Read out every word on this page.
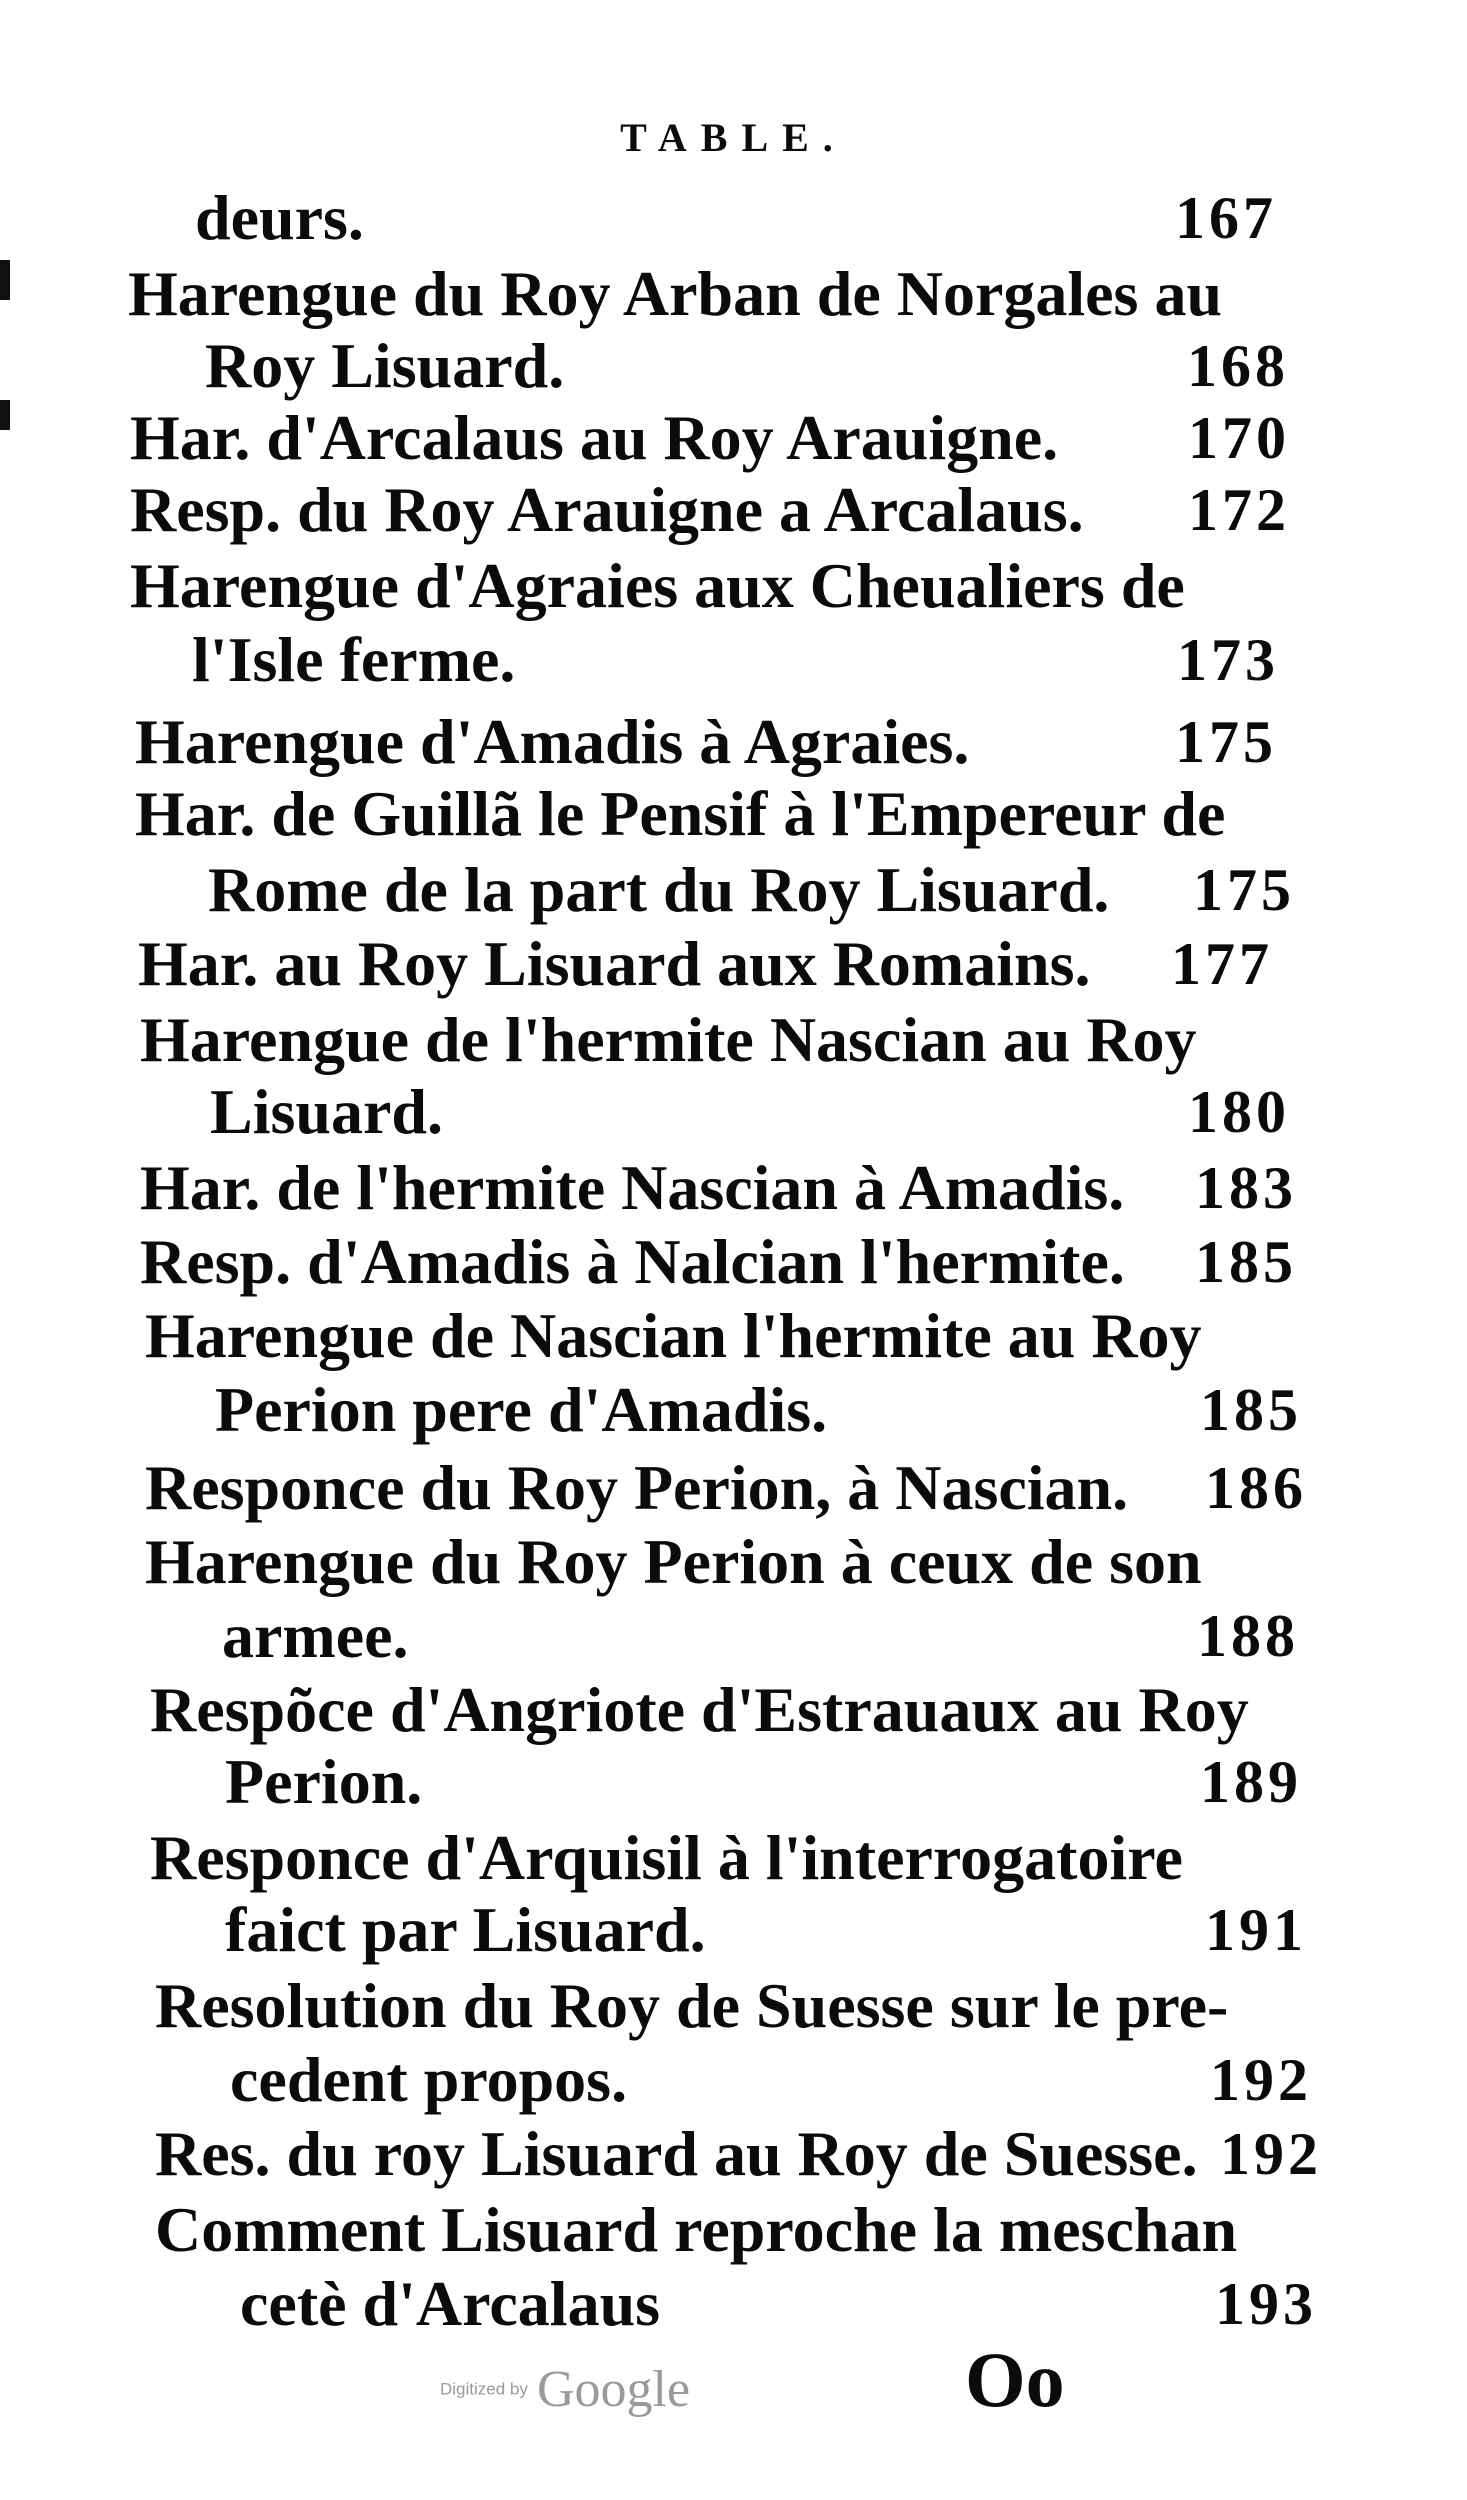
TABLE.
deurs.	167
Harengue du Roy Arban de Norgales au
Roy Lisuard.	168
Har. d'Arcalaus au Roy Arauigne. 170
Resp. du Roy Arauigne a Arcalaus. 172
Harengue d'Agraies aux Cheualiers de
l'Isle ferme.	173
Harengue d'Amadis à Agraies.	175
Har. de Guillã le Pensif à l'Empereur de
Rome de la part du Roy Lisuard. 175
Har. au Roy Lisuard aux Romains. 177
Harengue de l'hermite Nascian au Roy
Lisuard.	180
Har. de l'hermite Nascian à Amadis. 183
Resp. d'Amadis à Nalcian l'hermite. 185
Harengue de Nascian l'hermite au Roy
Perion pere d'Amadis.	185
Responce du Roy Perion, à Nascian. 186
Harengue du Roy Perion à ceux de son
armee.	188
Respõce d'Angriote d'Estrauaux au Roy
Perion.	189
Responce d'Arquisil à l'interrogatoire
faict par Lisuard.	191
Resolution du Roy de Suesse sur le pre-
cedent propos.	192
Res. du roy Lisuard au Roy de Suesse. 192
Comment Lisuard reproche la meschan
cetè d'Arcalaus	193
Digitized by Google	Oo
